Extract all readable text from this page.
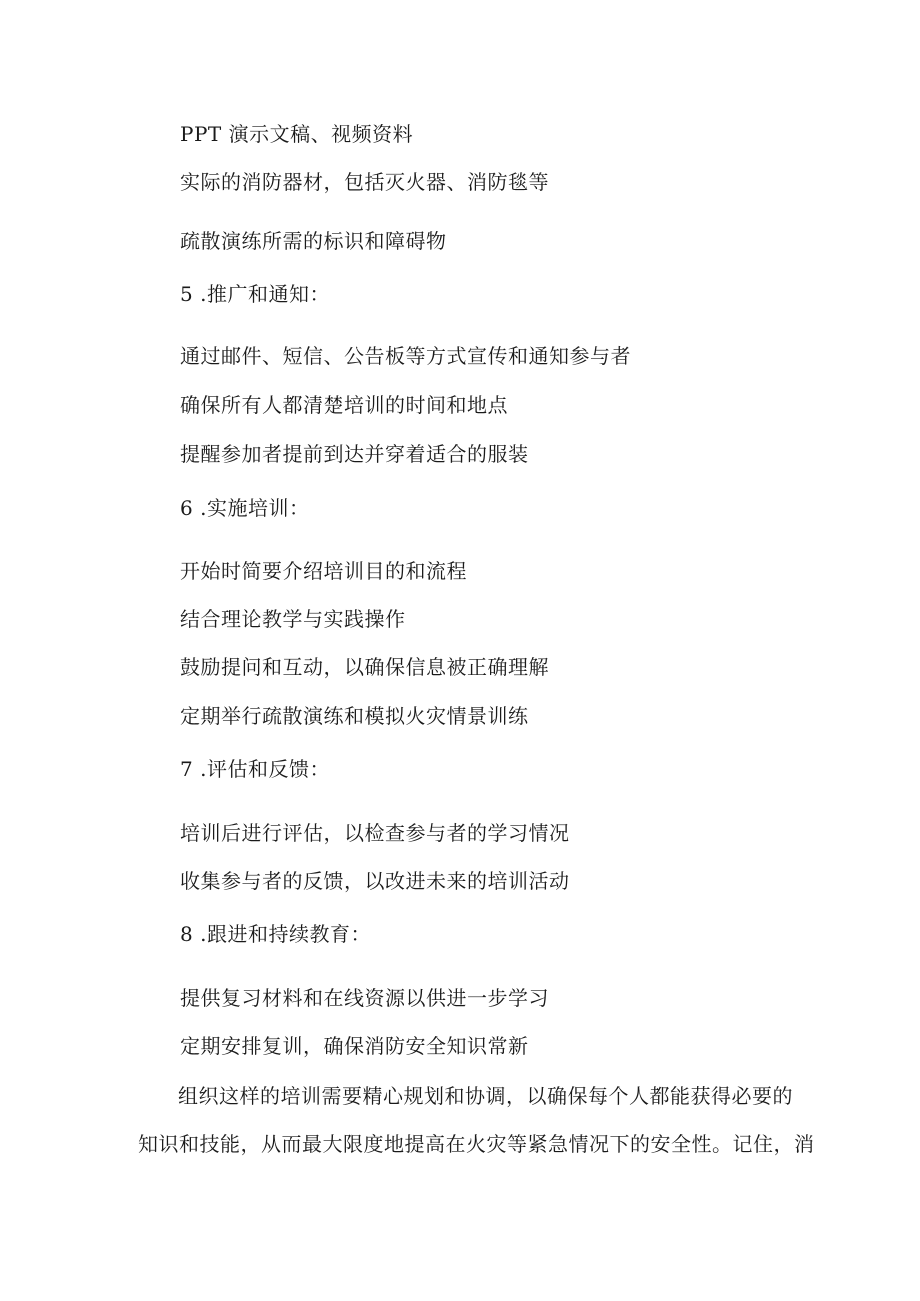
PPT 演示文稿、视频资料
实际的消防器材，包括灭火器、消防毯等
疏散演练所需的标识和障碍物
5 .推广和通知：
通过邮件、短信、公告板等方式宣传和通知参与者
确保所有人都清楚培训的时间和地点
提醒参加者提前到达并穿着适合的服装
6 .实施培训：
开始时简要介绍培训目的和流程
结合理论教学与实践操作
鼓励提问和互动，以确保信息被正确理解
定期举行疏散演练和模拟火灾情景训练
7 .评估和反馈：
培训后进行评估，以检查参与者的学习情况
收集参与者的反馈，以改进未来的培训活动
8 .跟进和持续教育：
提供复习材料和在线资源以供进一步学习
定期安排复训，确保消防安全知识常新
组织这样的培训需要精心规划和协调，以确保每个人都能获得必要的
知识和技能，从而最大限度地提高在火灾等紧急情况下的安全性。记住，消
